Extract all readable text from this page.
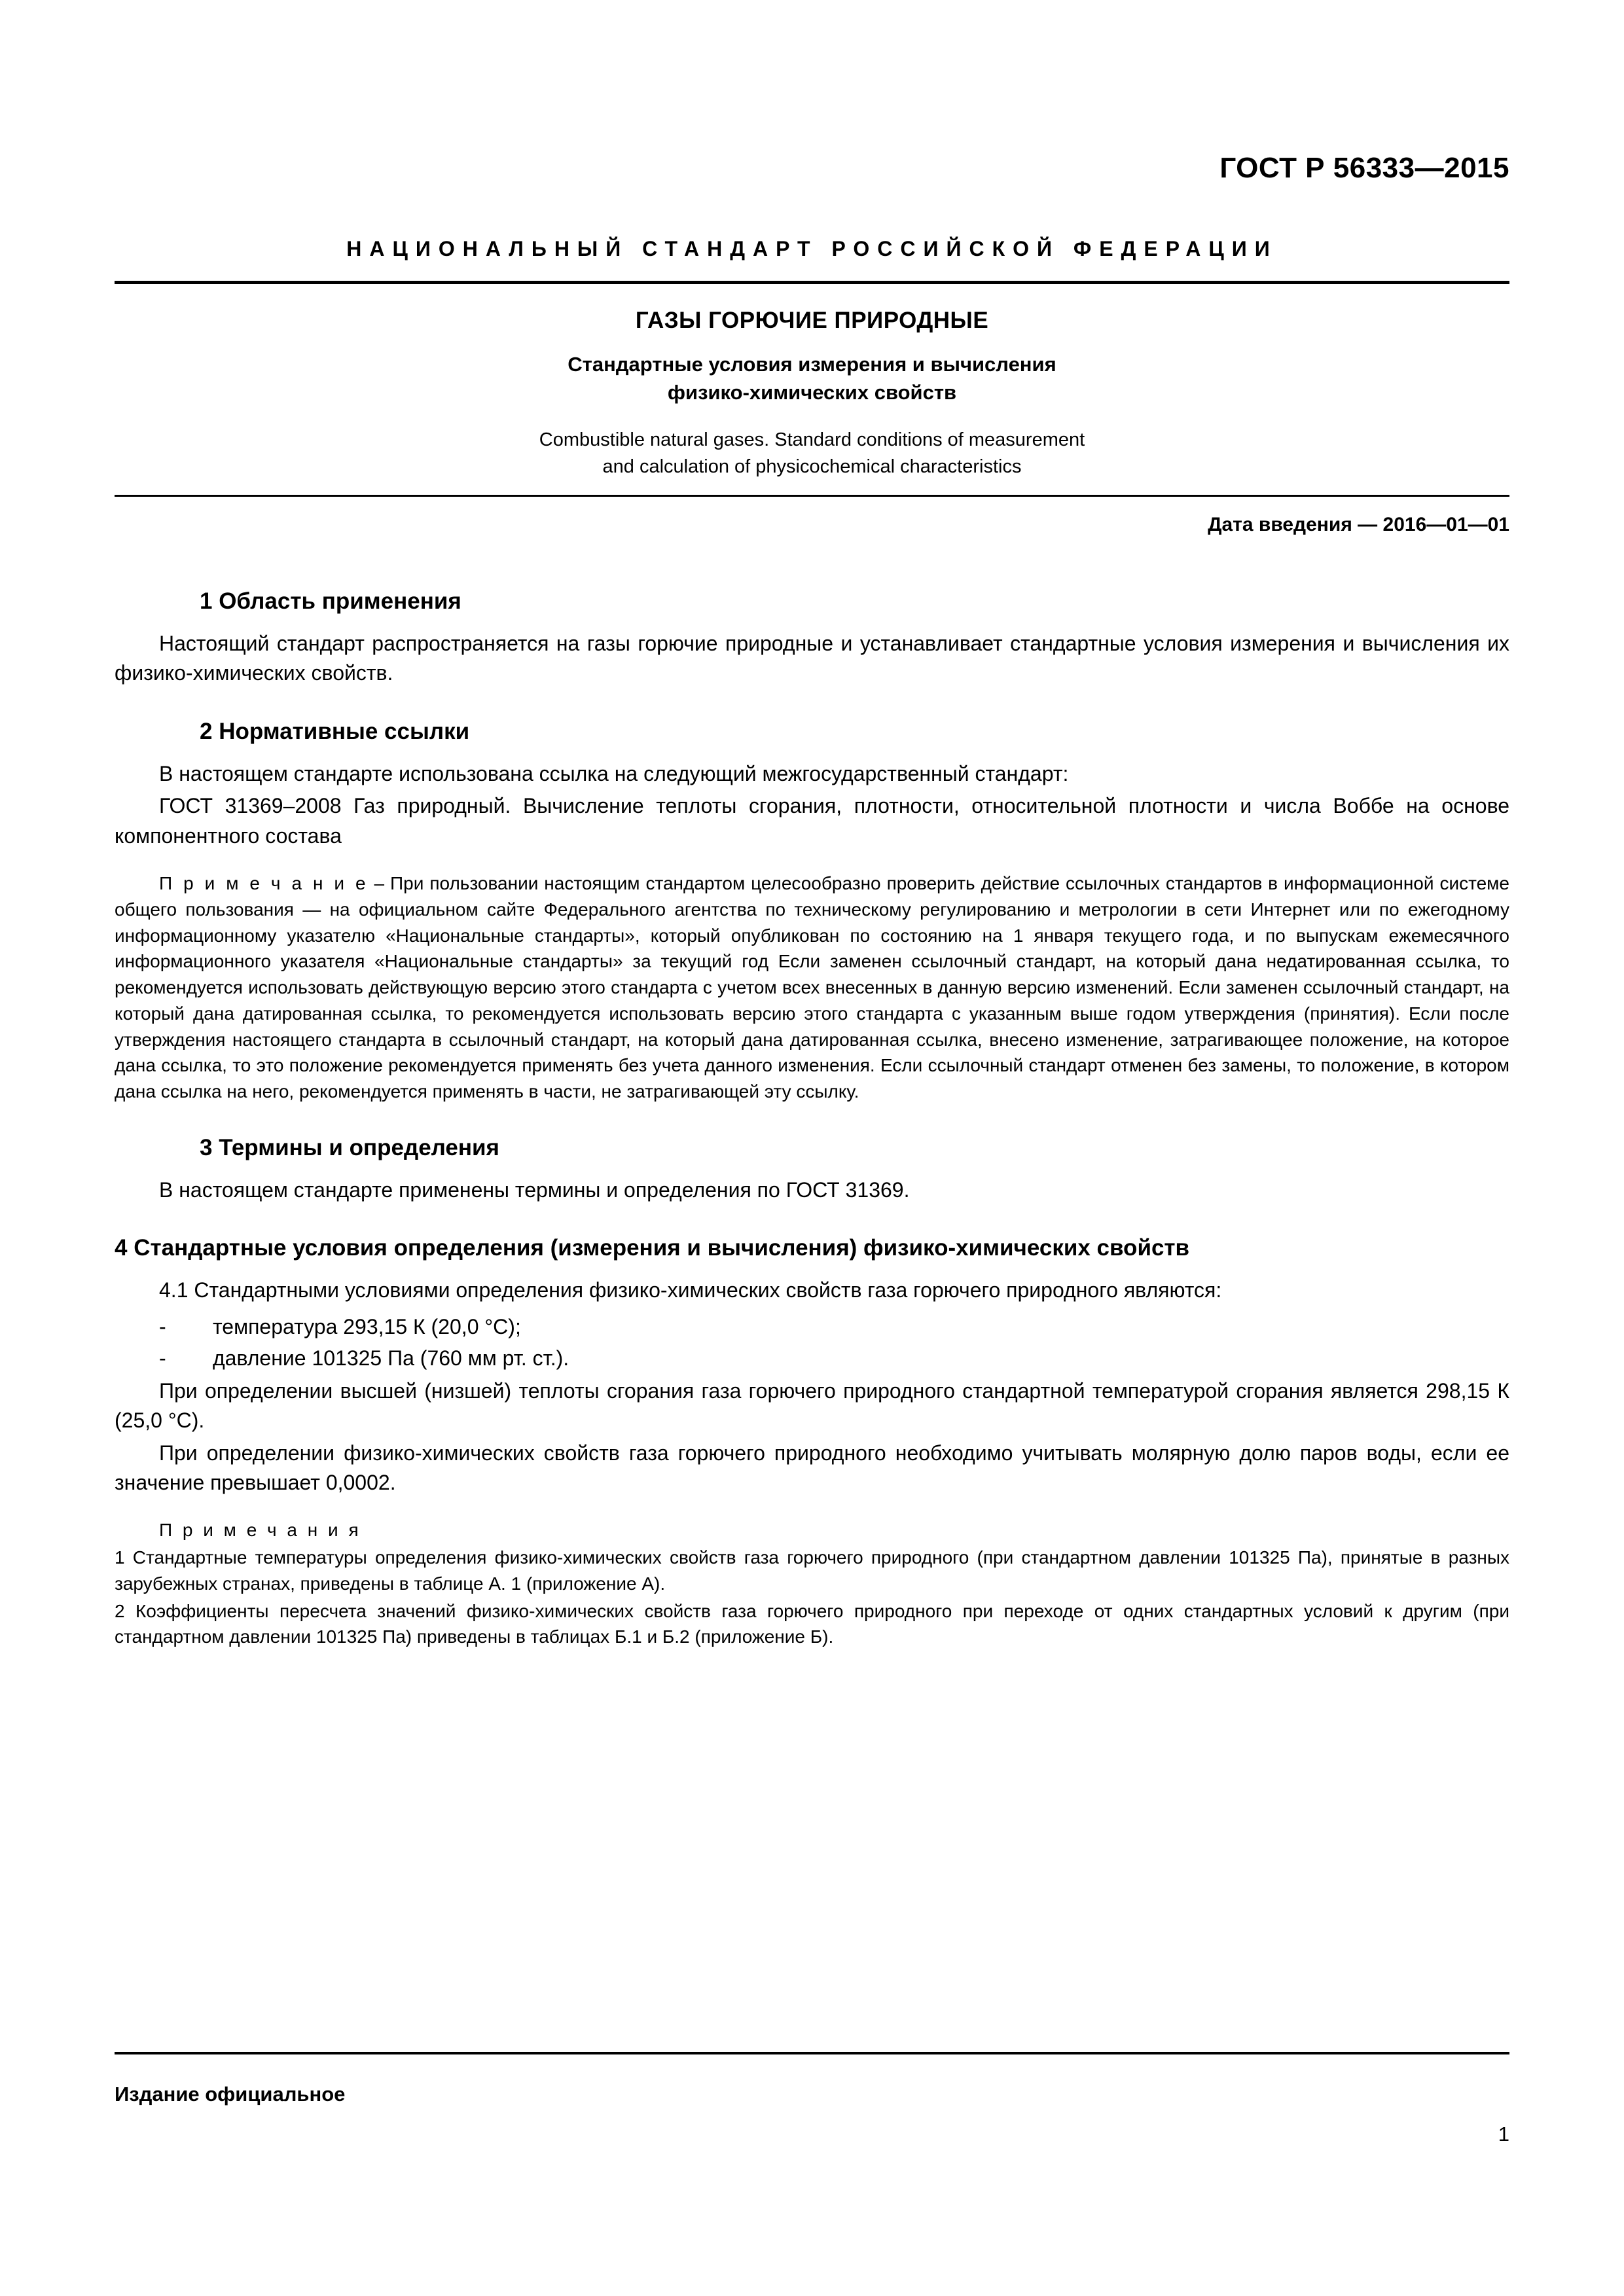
ГОСТ Р 56333—2015
НАЦИОНАЛЬНЫЙ СТАНДАРТ РОССИЙСКОЙ ФЕДЕРАЦИИ
ГАЗЫ ГОРЮЧИЕ ПРИРОДНЫЕ
Стандартные условия измерения и вычисления
физико-химических свойств
Combustible natural gases. Standard conditions of measurement
and calculation of physicochemical characteristics
Дата введения — 2016—01—01
1 Область применения

Настоящий стандарт распространяется на газы горючие природные и устанавливает стандартные условия измерения и вычисления их физико-химических свойств.

2 Нормативные ссылки

В настоящем стандарте использована ссылка на следующий межгосударственный стандарт:

ГОСТ 31369–2008 Газ природный. Вычисление теплоты сгорания, плотности, относительной плотности и числа Воббе на основе компонентного состава

П р и м е ч а н и е – При пользовании настоящим стандартом целесообразно проверить действие ссылочных стандартов в информационной системе общего пользования — на официальном сайте Федерального агентства по техническому регулированию и метрологии в сети Интернет или по ежегодному информационному указателю «Национальные стандарты», который опубликован по состоянию на 1 января текущего года, и по выпускам ежемесячного информационного указателя «Национальные стандарты» за текущий год Если заменен ссылочный стандарт, на который дана недатированная ссылка, то рекомендуется использовать действующую версию этого стандарта с учетом всех внесенных в данную версию изменений. Если заменен ссылочный стандарт, на который дана датированная ссылка, то рекомендуется использовать версию этого стандарта с указанным выше годом утверждения (принятия). Если после утверждения настоящего стандарта в ссылочный стандарт, на который дана датированная ссылка, внесено изменение, затрагивающее положение, на которое дана ссылка, то это положение рекомендуется применять без учета данного изменения. Если ссылочный стандарт отменен без замены, то положение, в котором дана ссылка на него, рекомендуется применять в части, не затрагивающей эту ссылку.

3 Термины и определения

В настоящем стандарте применены термины и определения по ГОСТ 31369.

4 Стандартные условия определения (измерения и вычисления) физико-химических свойств

4.1 Стандартными условиями определения физико-химических свойств газа горючего природного являются:

- температура 293,15 К (20,0 °С);
- давление 101325 Па (760 мм рт. ст.).

При определении высшей (низшей) теплоты сгорания газа горючего природного стандартной температурой сгорания является 298,15 К (25,0 °С).

При определении физико-химических свойств газа горючего природного необходимо учитывать молярную долю паров воды, если ее значение превышает 0,0002.

П р и м е ч а н и я

1 Стандартные температуры определения физико-химических свойств газа горючего природного (при стандартном давлении 101325 Па), принятые в разных зарубежных странах, приведены в таблице А. 1 (приложение А).

2 Коэффициенты пересчета значений физико-химических свойств газа горючего природного при переходе от одних стандартных условий к другим (при стандартном давлении 101325 Па) приведены в таблицах Б.1 и Б.2 (приложение Б).

Издание официальное
1
